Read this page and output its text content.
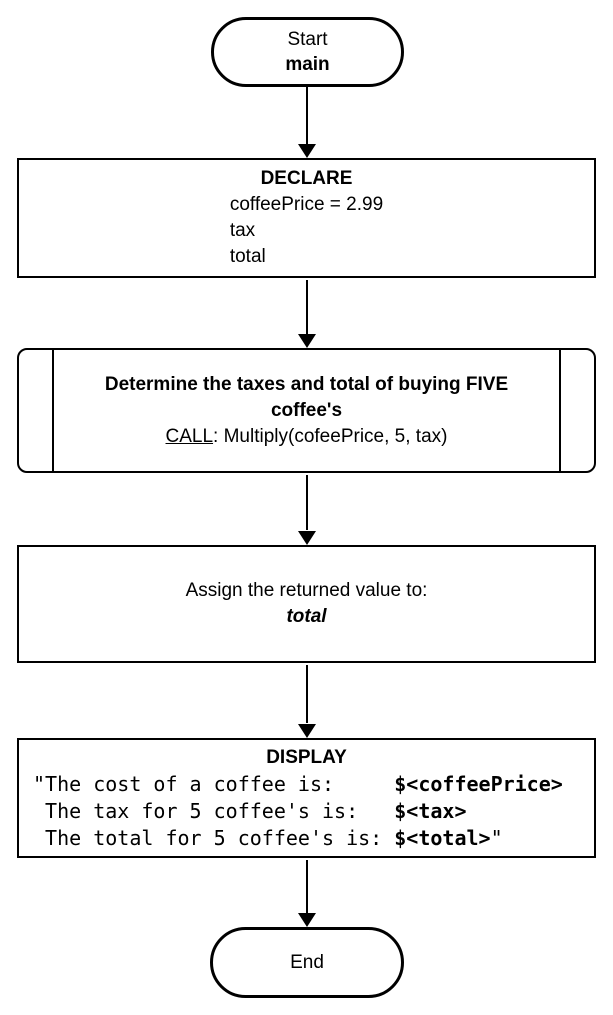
Start
main
DECLARE
coffeePrice = 2.99
tax
total
Determine the taxes and total of buying FIVE
coffee's
CALL: Multiply(cofeePrice, 5, tax)
Assign the returned value to:
total
DISPLAY
"The cost of a coffee is:     $<coffeePrice>
The tax for 5 coffee's is:   $<tax>
The total for 5 coffee's is: $<total>"
End
